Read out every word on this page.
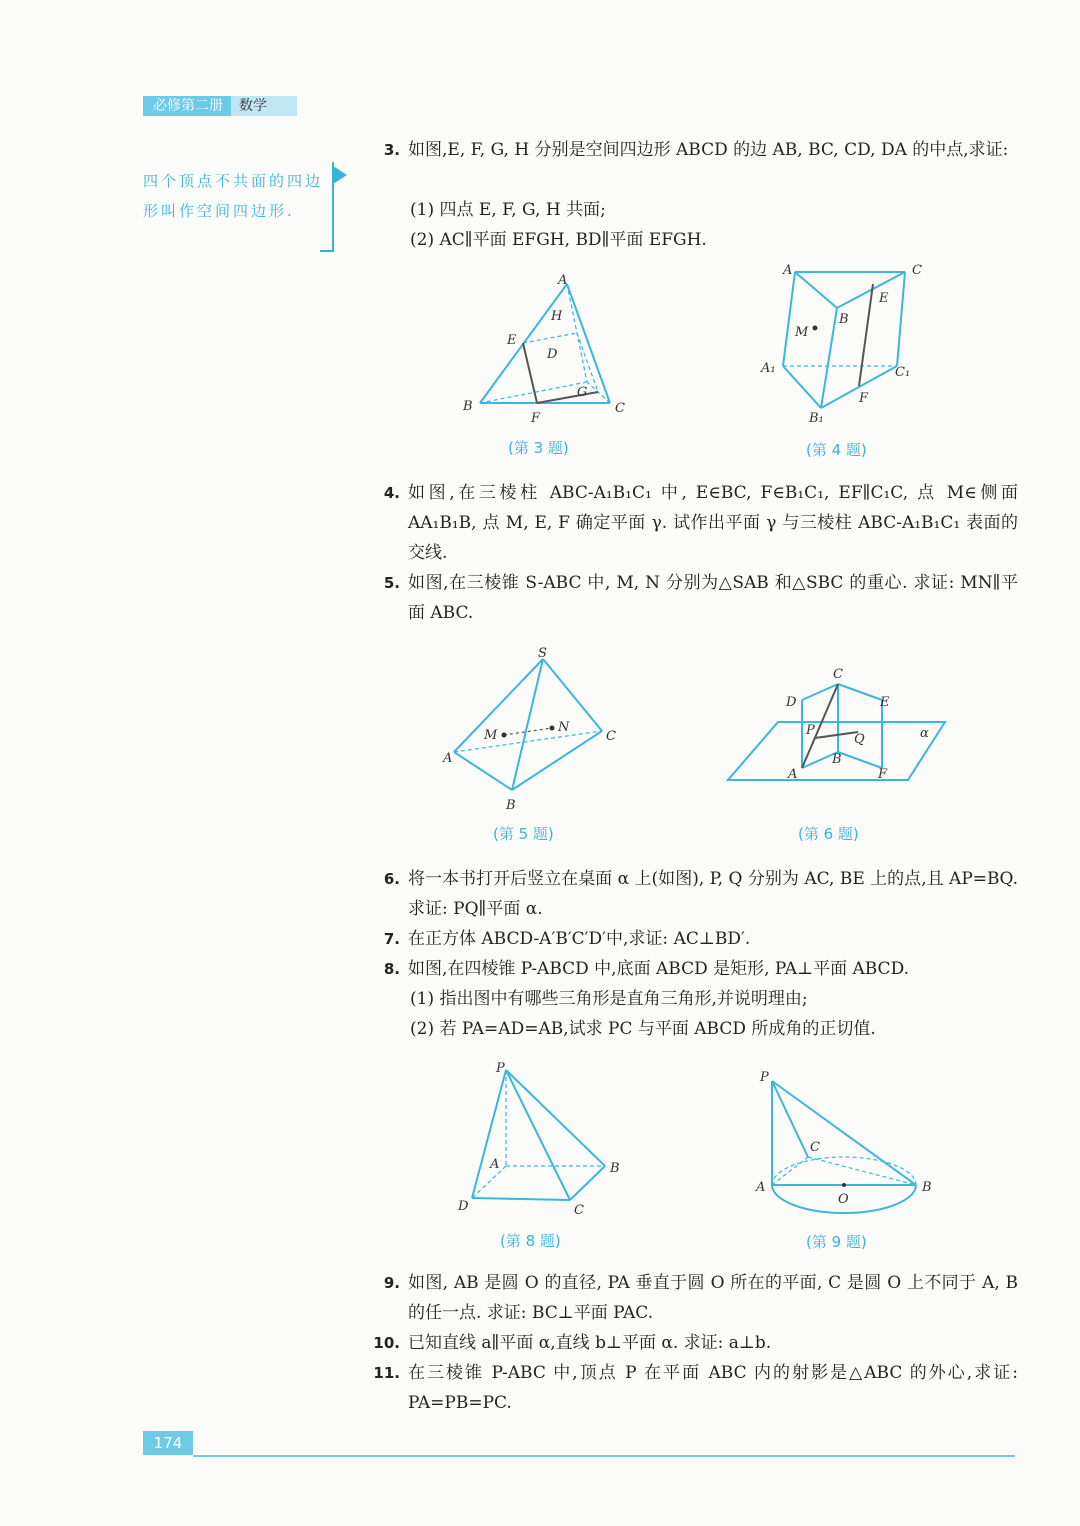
必修第二册	数学
四个顶点不共面的四边形叫作空间四边形.
3. 如图,E, F, G, H 分别是空间四边形 ABCD 的边 AB, BC, CD, DA 的中点,求证:
(1) 四点 E, F, G, H 共面;
(2) AC∥平面 EFGH, BD∥平面 EFGH.
A
B	C
D
E
F
G
H
(第 3 题)
A	C
B
E
M
A₁	C₁
F
B₁
(第 4 题)
4. 如图,在三棱柱 ABC-A₁B₁C₁ 中, E∈BC, F∈B₁C₁, EF∥C₁C, 点 M∈侧面 AA₁B₁B, 点 M, E, F 确定平面 γ. 试作出平面 γ 与三棱柱 ABC-A₁B₁C₁ 表面的交线.
5. 如图,在三棱锥 S-ABC 中, M, N 分别为△SAB 和△SBC 的重心. 求证: MN∥平面 ABC.
S
A
C
B
M
N
(第 5 题)
C
D	E
P
Q	α
A
B
F
(第 6 题)
6. 将一本书打开后竖立在桌面 α 上(如图), P, Q 分别为 AC, BE 上的点,且 AP=BQ. 求证: PQ∥平面 α.
7. 在正方体 ABCD-A′B′C′D′中,求证: AC⊥BD′.
8. 如图,在四棱锥 P-ABCD 中,底面 ABCD 是矩形, PA⊥平面 ABCD.
(1) 指出图中有哪些三角形是直角三角形,并说明理由;
(2) 若 PA=AD=AB,试求 PC 与平面 ABCD 所成角的正切值.
P
A	B
D	C
(第 8 题)
P
C
A	B
O
(第 9 题)
9. 如图, AB 是圆 O 的直径, PA 垂直于圆 O 所在的平面, C 是圆 O 上不同于 A, B 的任一点. 求证: BC⊥平面 PAC.
10. 已知直线 a∥平面 α,直线 b⊥平面 α. 求证: a⊥b.
11. 在三棱锥 P-ABC 中,顶点 P 在平面 ABC 内的射影是△ABC 的外心,求证: PA=PB=PC.
174
